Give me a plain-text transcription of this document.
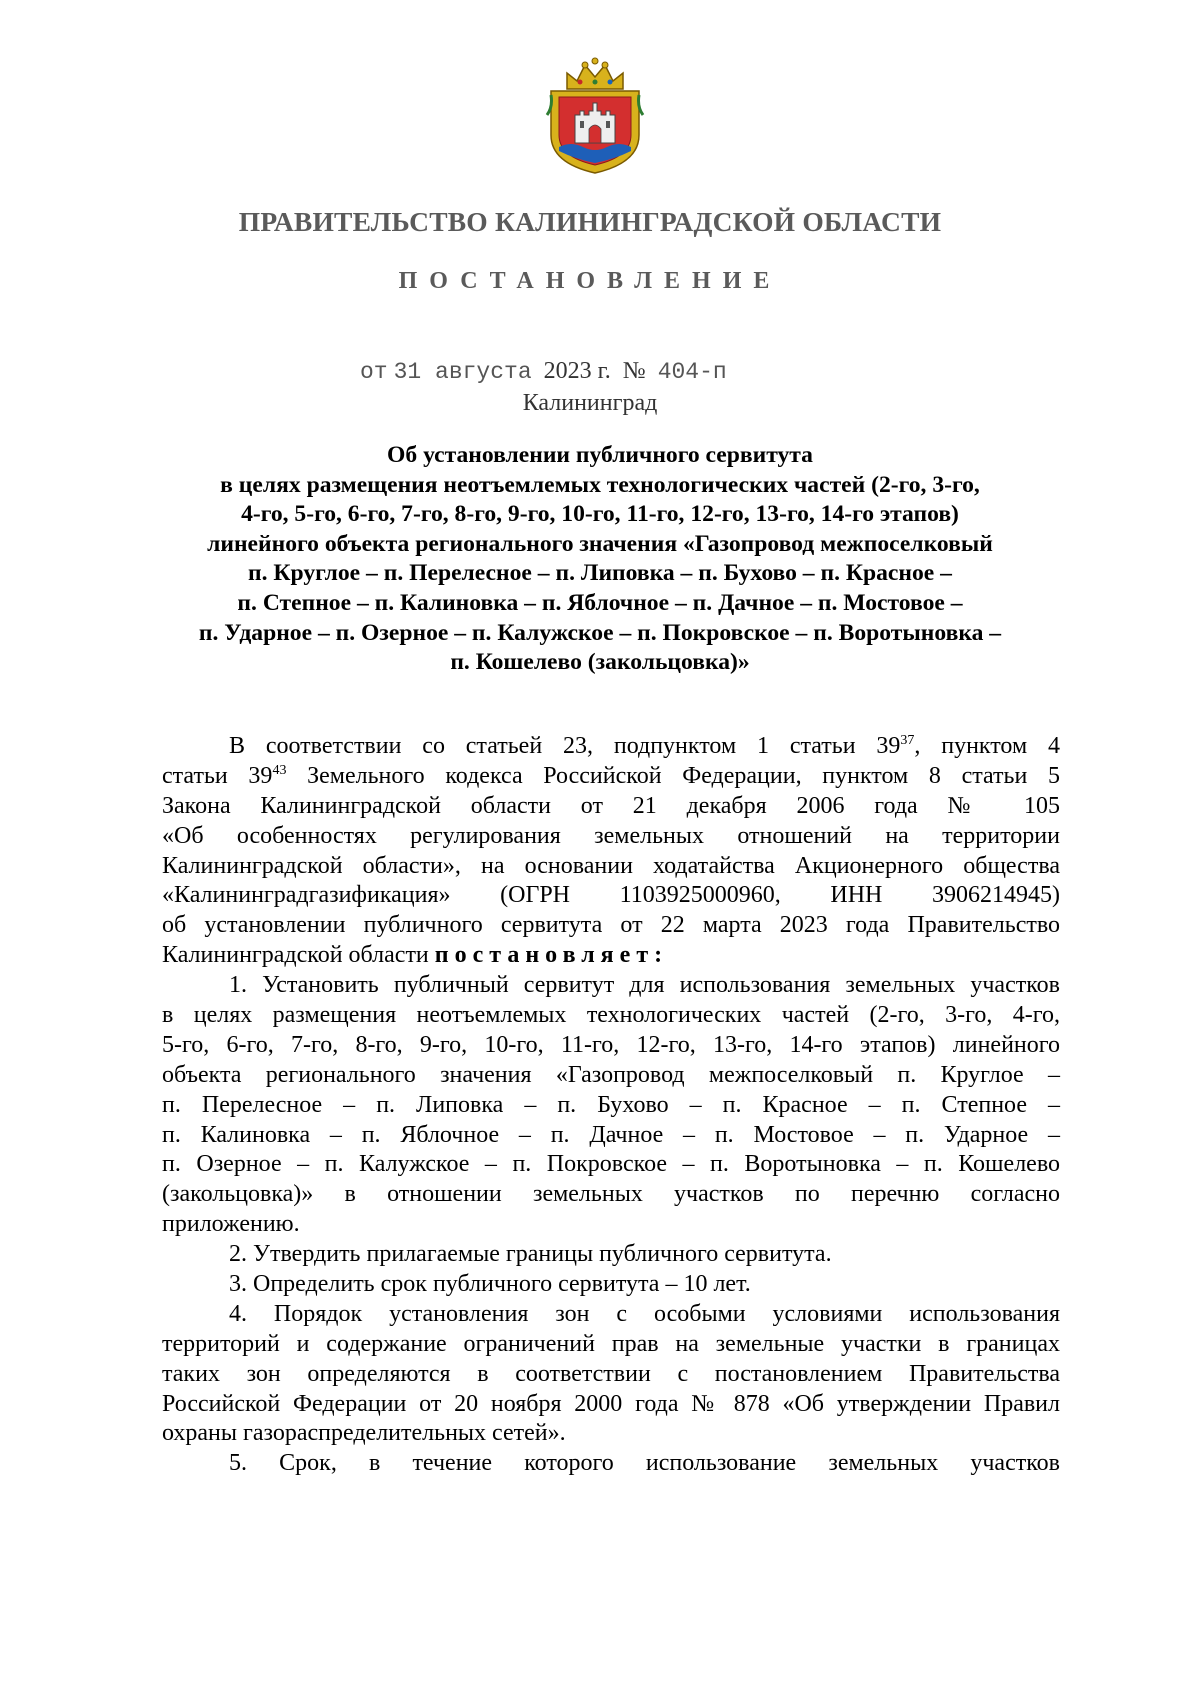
ПРАВИТЕЛЬСТВО КАЛИНИНГРАДСКОЙ ОБЛАСТИ
ПОСТАНОВЛЕНИЕ
от 31 августа 2023 г. № 404-п
Калининград
Об установлении публичного сервитута
в целях размещения неотъемлемых технологических частей (2-го, 3-го,
4-го, 5-го, 6-го, 7-го, 8-го, 9-го, 10-го, 11-го, 12-го, 13-го, 14-го этапов)
линейного объекта регионального значения «Газопровод межпоселковый
п. Круглое – п. Перелесное – п. Липовка – п. Бухово – п. Красное –
п. Степное – п. Калиновка – п. Яблочное – п. Дачное – п. Мостовое –
п. Ударное – п. Озерное – п. Калужское – п. Покровское – п. Воротыновка –
п. Кошелево (закольцовка)»
В соответствии со статьей 23, подпунктом 1 статьи $39^{37}$, пунктом 4
статьи $39^{43}$ Земельного кодекса Российской Федерации, пунктом 8 статьи 5
Закона Калининградской области от 21 декабря 2006 года № 105
«Об особенностях регулирования земельных отношений на территории
Калининградской области», на основании ходатайства Акционерного общества
«Калининградгазификация» (ОГРН 1103925000960, ИНН 3906214945)
об установлении публичного сервитута от 22 марта 2023 года Правительство
Калининградской области постановляет:
1. Установить публичный сервитут для использования земельных участков
в целях размещения неотъемлемых технологических частей (2-го, 3-го, 4-го,
5-го, 6-го, 7-го, 8-го, 9-го, 10-го, 11-го, 12-го, 13-го, 14-го этапов) линейного
объекта регионального значения «Газопровод межпоселковый п. Круглое –
п. Перелесное – п. Липовка – п. Бухово – п. Красное – п. Степное –
п. Калиновка – п. Яблочное – п. Дачное – п. Мостовое – п. Ударное –
п. Озерное – п. Калужское – п. Покровское – п. Воротыновка – п. Кошелево
(закольцовка)» в отношении земельных участков по перечню согласно
приложению.
2. Утвердить прилагаемые границы публичного сервитута.
3. Определить срок публичного сервитута – 10 лет.
4. Порядок установления зон с особыми условиями использования
территорий и содержание ограничений прав на земельные участки в границах
таких зон определяются в соответствии с постановлением Правительства
Российской Федерации от 20 ноября 2000 года № 878 «Об утверждении Правил
охраны газораспределительных сетей».
5. Срок, в течение которого использование земельных участков
